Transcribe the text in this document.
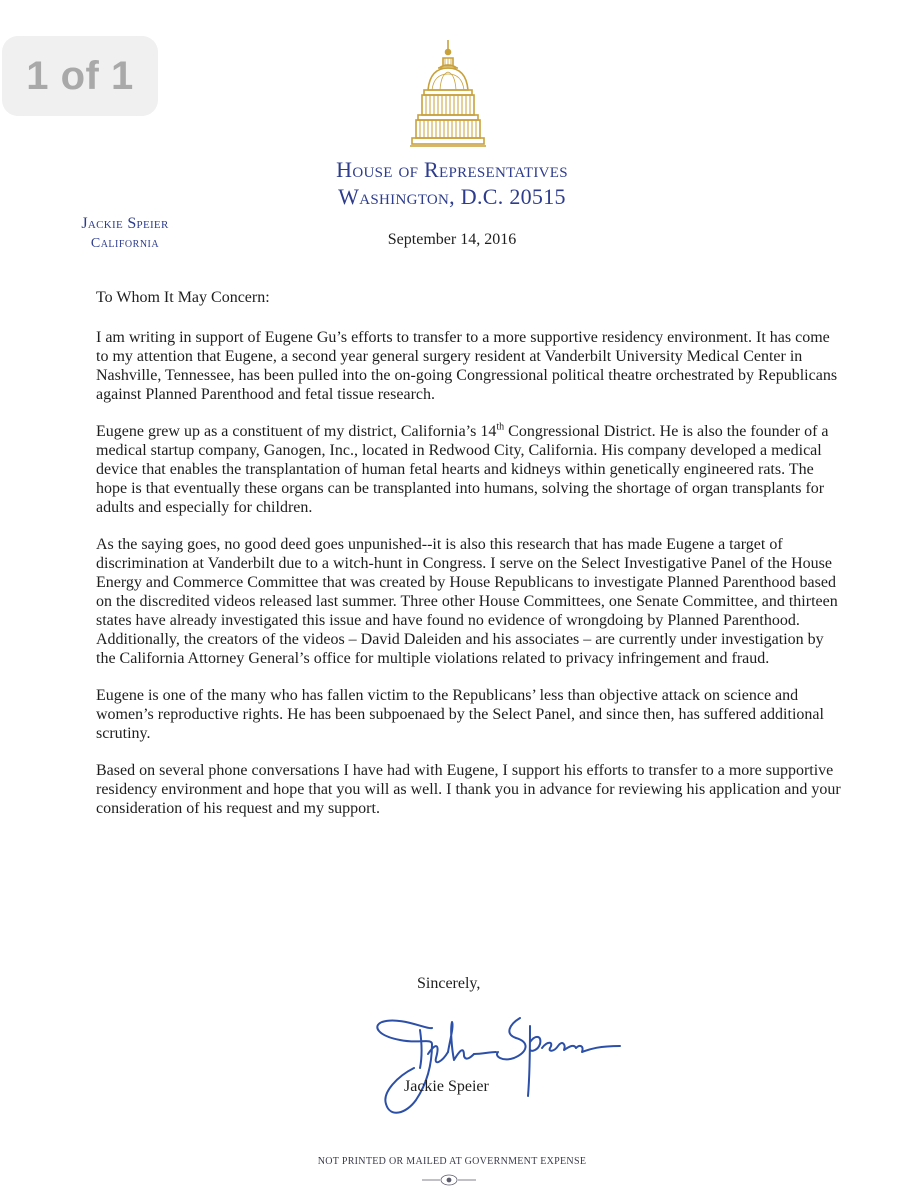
1 of 1
House of Representatives
Washington, D.C. 20515
Jackie Speier
California	September 14, 2016

To Whom It May Concern:

I am writing in support of Eugene Gu’s efforts to transfer to a more supportive residency environment. It has come to my attention that Eugene, a second year general surgery resident at Vanderbilt University Medical Center in Nashville, Tennessee, has been pulled into the on-going Congressional political theatre orchestrated by Republicans against Planned Parenthood and fetal tissue research.

Eugene grew up as a constituent of my district, California’s 14th Congressional District. He is also the founder of a medical startup company, Ganogen, Inc., located in Redwood City, California. His company developed a medical device that enables the transplantation of human fetal hearts and kidneys within genetically engineered rats. The hope is that eventually these organs can be transplanted into humans, solving the shortage of organ transplants for adults and especially for children.

As the saying goes, no good deed goes unpunished--it is also this research that has made Eugene a target of discrimination at Vanderbilt due to a witch-hunt in Congress. I serve on the Select Investigative Panel of the House Energy and Commerce Committee that was created by House Republicans to investigate Planned Parenthood based on the discredited videos released last summer. Three other House Committees, one Senate Committee, and thirteen states have already investigated this issue and have found no evidence of wrongdoing by Planned Parenthood. Additionally, the creators of the videos – David Daleiden and his associates – are currently under investigation by the California Attorney General’s office for multiple violations related to privacy infringement and fraud.

Eugene is one of the many who has fallen victim to the Republicans’ less than objective attack on science and women’s reproductive rights. He has been subpoenaed by the Select Panel, and since then, has suffered additional scrutiny.

Based on several phone conversations I have had with Eugene, I support his efforts to transfer to a more supportive residency environment and hope that you will as well. I thank you in advance for reviewing his application and your consideration of his request and my support.

Sincerely,
Jackie Speier
NOT PRINTED OR MAILED AT GOVERNMENT EXPENSE
